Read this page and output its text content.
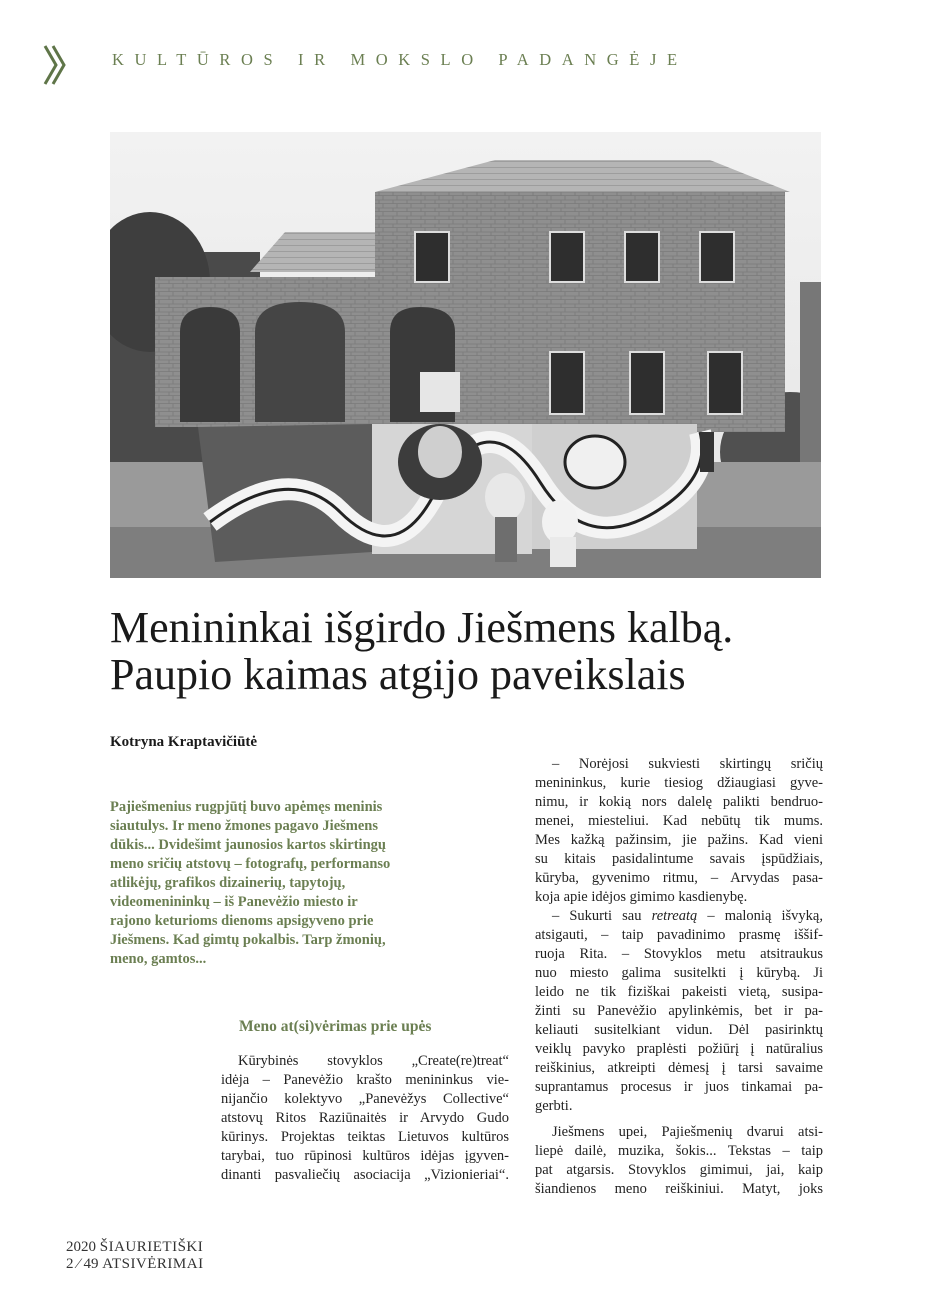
KULTŪROS IR MOKSLO PADANGĖJE
Menininkai išgirdo Jiešmens kalbą.
Paupio kaimas atgijo paveikslais
Kotryna Kraptavičiūtė
Pajiešmenius rugpjūtį buvo apėmęs meninis
siautulys. Ir meno žmones pagavo Jiešmens
dūkis... Dvidešimt jaunosios kartos skirtingų
meno sričių atstovų – fotografų, performanso
atlikėjų, grafikos dizainerių, tapytojų,
videomenininkų – iš Panevėžio miesto ir
rajono keturioms dienoms apsigyveno prie
Jiešmens. Kad gimtų pokalbis. Tarp žmonių,
meno, gamtos...
Meno at(si)vėrimas prie upės
Kūrybinės stovyklos „Create(re)treat“
idėja – Panevėžio krašto menininkus vie-
nijančio kolektyvo „Panevėžys Collective“
atstovų Ritos Raziūnaitės ir Arvydo Gudo
kūrinys. Projektas teiktas Lietuvos kultūros
tarybai, tuo rūpinosi kultūros idėjas įgyven-
dinanti pasvaliečių asociacija „Vizionieriai“.
– Norėjosi sukviesti skirtingų sričių
menininkus, kurie tiesiog džiaugiasi gyve-
nimu, ir kokią nors dalelę palikti bendruo-
menei, miesteliui. Kad nebūtų tik mums.
Mes kažką pažinsim, jie pažins. Kad vieni
su kitais pasidalintume savais įspūdžiais,
kūryba, gyvenimo ritmu, – Arvydas pasa-
koja apie idėjos gimimo kasdienybę.
– Sukurti sau retreatą – malonią išvyką,
atsigauti, – taip pavadinimo prasmę iššif-
ruoja Rita. – Stovyklos metu atsitraukus
nuo miesto galima susitelkti į kūrybą. Ji
leido ne tik fiziškai pakeisti vietą, susipa-
žinti su Panevėžio apylinkėmis, bet ir pa-
keliauti susitelkiant vidun. Dėl pasirinktų
veiklų pavyko praplėsti požiūrį į natūralius
reiškinius, atkreipti dėmesį į tarsi savaime
suprantamus procesus ir juos tinkamai pa-
gerbti.
Jiešmens upei, Pajiešmenių dvarui atsi-
liepė dailė, muzika, šokis... Tekstas – taip
pat atgarsis. Stovyklos gimimui, jai, kaip
šiandienos meno reiškiniui. Matyt, joks
2020 ŠIAURIETIŠKI
2 ⁄ 49 ATSIVĖRIMAI
